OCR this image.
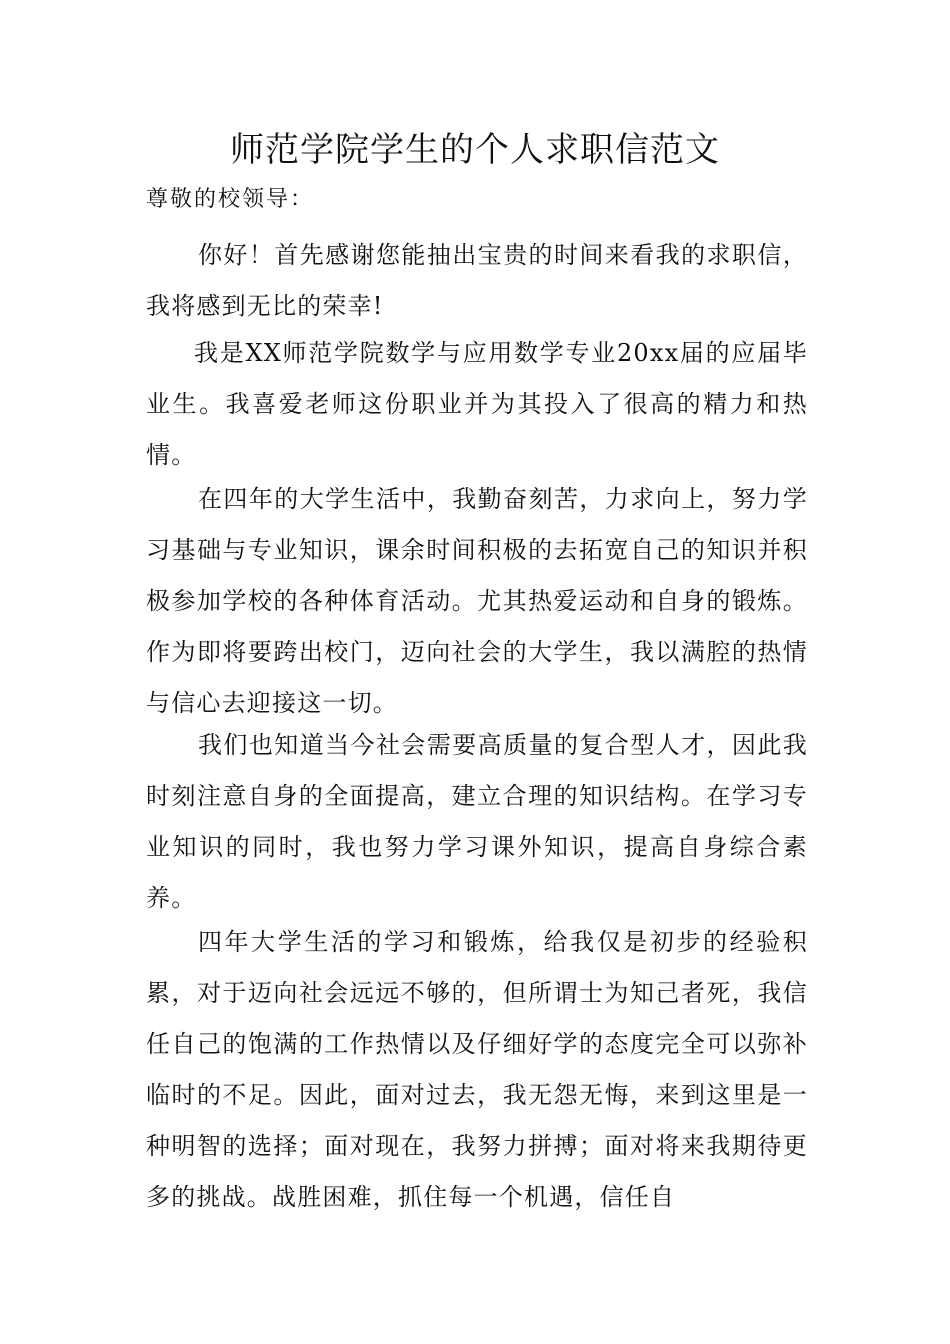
师范学院学生的个人求职信范文

尊敬的校领导：

你好！首先感谢您能抽出宝贵的时间来看我的求职信，我将感到无比的荣幸!

我是XX师范学院数学与应用数学专业20xx届的应届毕业生。我喜爱老师这份职业并为其投入了很高的精力和热情。

在四年的大学生活中，我勤奋刻苦，力求向上，努力学习基础与专业知识，课余时间积极的去拓宽自己的知识并积极参加学校的各种体育活动。尤其热爱运动和自身的锻炼。作为即将要跨出校门，迈向社会的大学生，我以满腔的热情与信心去迎接这一切。

我们也知道当今社会需要高质量的复合型人才，因此我时刻注意自身的全面提高，建立合理的知识结构。在学习专业知识的同时，我也努力学习课外知识，提高自身综合素养。

四年大学生活的学习和锻炼，给我仅是初步的经验积累，对于迈向社会远远不够的，但所谓士为知己者死，我信任自己的饱满的工作热情以及仔细好学的态度完全可以弥补临时的不足。因此，面对过去，我无怨无悔，来到这里是一种明智的选择；面对现在，我努力拼搏；面对将来我期待更多的挑战。战胜困难，抓住每一个机遇，信任自
